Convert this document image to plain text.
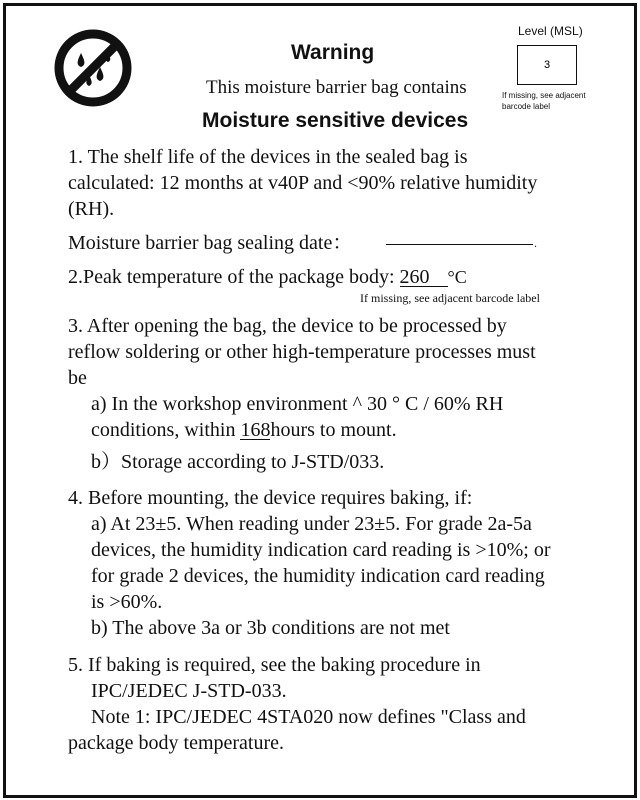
Warning
This moisture barrier bag contains
Moisture sensitive devices
Level (MSL)
3
If missing, see adjacent
barcode label
1. The shelf life of the devices in the sealed bag is
calculated: 12 months at v40P and <90% relative humidity
(RH).
Moisture barrier bag sealing date：	.
2.Peak temperature of the package body: 260 °C
If missing, see adjacent barcode label
3. After opening the bag, the device to be processed by
reflow soldering or other high-temperature processes must
be
a) In the workshop environment ^ 30 ° C / 60% RH
conditions, within 168hours to mount.
b）Storage according to J-STD/033.
4. Before mounting, the device requires baking, if:
a) At 23±5. When reading under 23±5. For grade 2a-5a
devices, the humidity indication card reading is >10%; or
for grade 2 devices, the humidity indication card reading
is >60%.
b) The above 3a or 3b conditions are not met
5. If baking is required, see the baking procedure in
IPC/JEDEC J-STD-033.
Note 1: IPC/JEDEC 4STA020 now defines "Class and
package body temperature.
